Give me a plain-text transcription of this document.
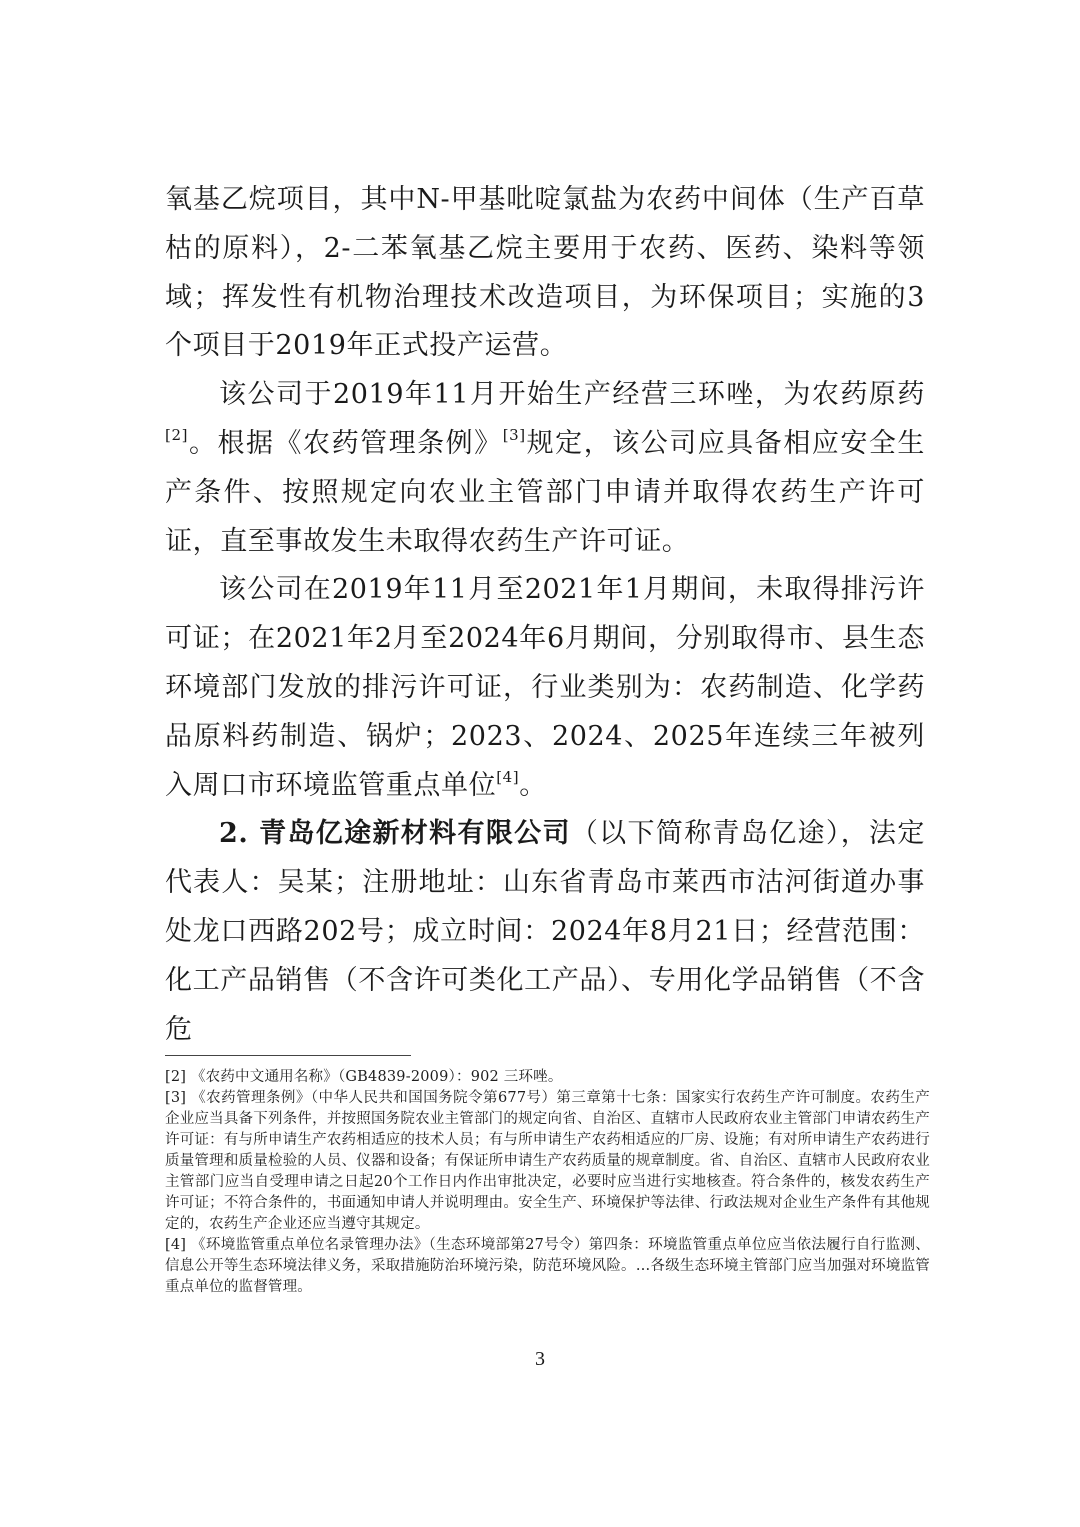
氧基乙烷项目，其中N-甲基吡啶氯盐为农药中间体（生产百草枯的原料），2-二苯氧基乙烷主要用于农药、医药、染料等领域；挥发性有机物治理技术改造项目，为环保项目；实施的3个项目于2019年正式投产运营。

该公司于2019年11月开始生产经营三环唑，为农药原药[2]。根据《农药管理条例》[3]规定，该公司应具备相应安全生产条件、按照规定向农业主管部门申请并取得农药生产许可证，直至事故发生未取得农药生产许可证。

该公司在2019年11月至2021年1月期间，未取得排污许可证；在2021年2月至2024年6月期间，分别取得市、县生态环境部门发放的排污许可证，行业类别为：农药制造、化学药品原料药制造、锅炉；2023、2024、2025年连续三年被列入周口市环境监管重点单位[4]。

2. 青岛亿途新材料有限公司（以下简称青岛亿途），法定代表人：吴某；注册地址：山东省青岛市莱西市沽河街道办事处龙口西路202号；成立时间：2024年8月21日；经营范围：化工产品销售（不含许可类化工产品）、专用化学品销售（不含危

[2] 《农药中文通用名称》（GB4839-2009）：902 三环唑。

[3] 《农药管理条例》（中华人民共和国国务院令第677号）第三章第十七条：国家实行农药生产许可制度。农药生产企业应当具备下列条件，并按照国务院农业主管部门的规定向省、自治区、直辖市人民政府农业主管部门申请农药生产许可证：有与所申请生产农药相适应的技术人员；有与所申请生产农药相适应的厂房、设施；有对所申请生产农药进行质量管理和质量检验的人员、仪器和设备；有保证所申请生产农药质量的规章制度。省、自治区、直辖市人民政府农业主管部门应当自受理申请之日起20个工作日内作出审批决定，必要时应当进行实地核查。符合条件的，核发农药生产许可证；不符合条件的，书面通知申请人并说明理由。安全生产、环境保护等法律、行政法规对企业生产条件有其他规定的，农药生产企业还应当遵守其规定。

[4] 《环境监管重点单位名录管理办法》（生态环境部第27号令）第四条：环境监管重点单位应当依法履行自行监测、信息公开等生态环境法律义务，采取措施防治环境污染，防范环境风险。…各级生态环境主管部门应当加强对环境监管重点单位的监督管理。

3
